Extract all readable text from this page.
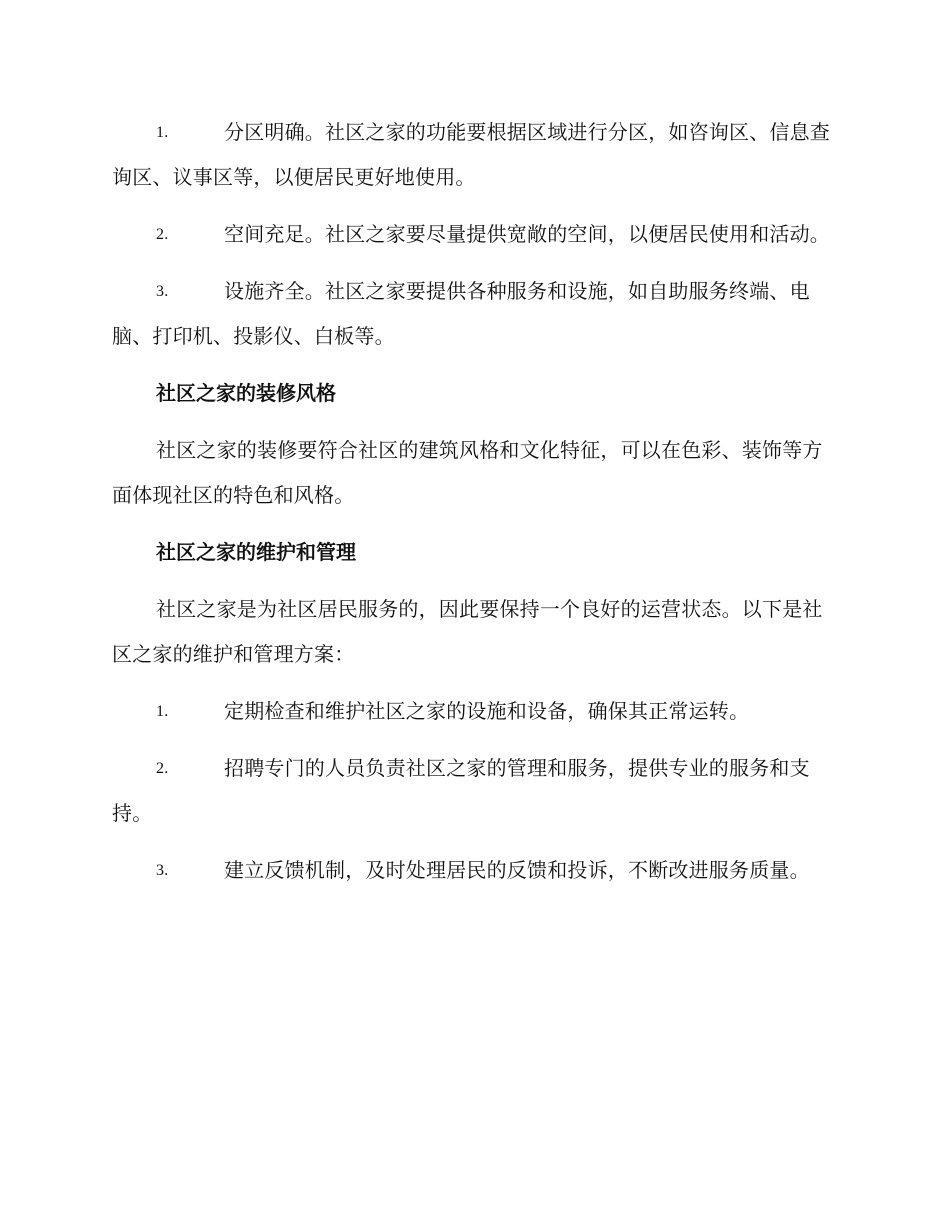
1.	分区明确。社区之家的功能要根据区域进行分区，如咨询区、信息查询区、议事区等，以便居民更好地使用。

2.	空间充足。社区之家要尽量提供宽敞的空间，以便居民使用和活动。

3.	设施齐全。社区之家要提供各种服务和设施，如自助服务终端、电脑、打印机、投影仪、白板等。

社区之家的装修风格

社区之家的装修要符合社区的建筑风格和文化特征，可以在色彩、装饰等方面体现社区的特色和风格。

社区之家的维护和管理

社区之家是为社区居民服务的，因此要保持一个良好的运营状态。以下是社区之家的维护和管理方案：

1.	定期检查和维护社区之家的设施和设备，确保其正常运转。

2.	招聘专门的人员负责社区之家的管理和服务，提供专业的服务和支持。

3.	建立反馈机制，及时处理居民的反馈和投诉，不断改进服务质量。
